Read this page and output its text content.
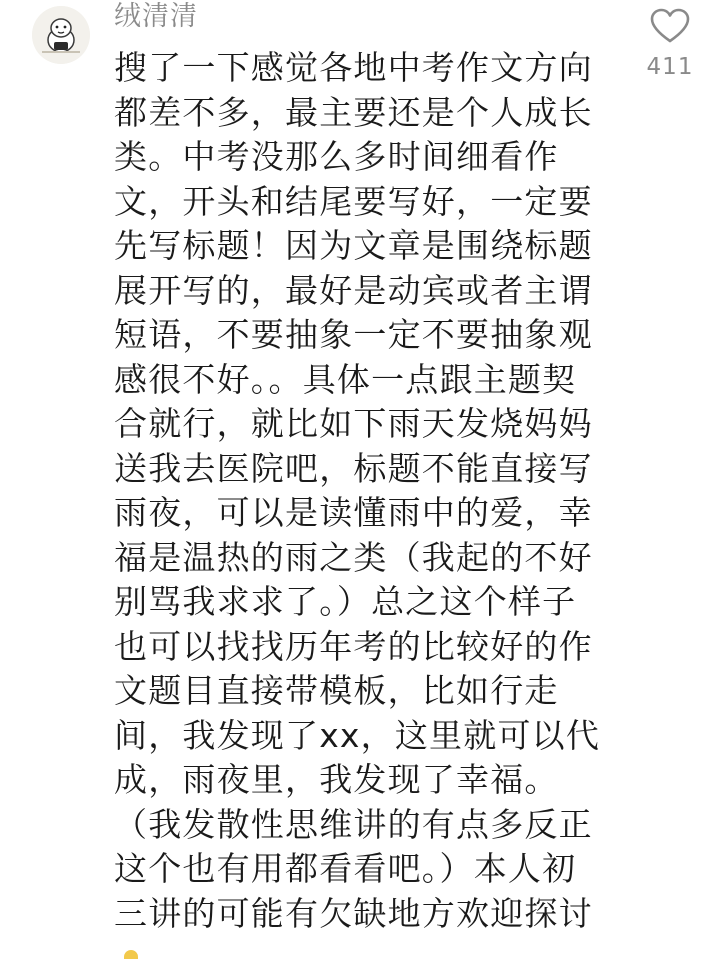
绒清清

搜了一下感觉各地中考作文方向
都差不多，最主要还是个人成长
类。中考没那么多时间细看作
文，开头和结尾要写好，一定要
先写标题！因为文章是围绕标题
展开写的，最好是动宾或者主谓
短语，不要抽象一定不要抽象观
感很不好。。具体一点跟主题契
合就行，就比如下雨天发烧妈妈
送我去医院吧，标题不能直接写
雨夜，可以是读懂雨中的爱，幸
福是温热的雨之类（我起的不好
别骂我求求了。）总之这个样子
也可以找找历年考的比较好的作
文题目直接带模板，比如行走
间，我发现了xx，这里就可以代
成，雨夜里，我发现了幸福。
（我发散性思维讲的有点多反正
这个也有用都看看吧。）本人初
三讲的可能有欠缺地方欢迎探讨

411
